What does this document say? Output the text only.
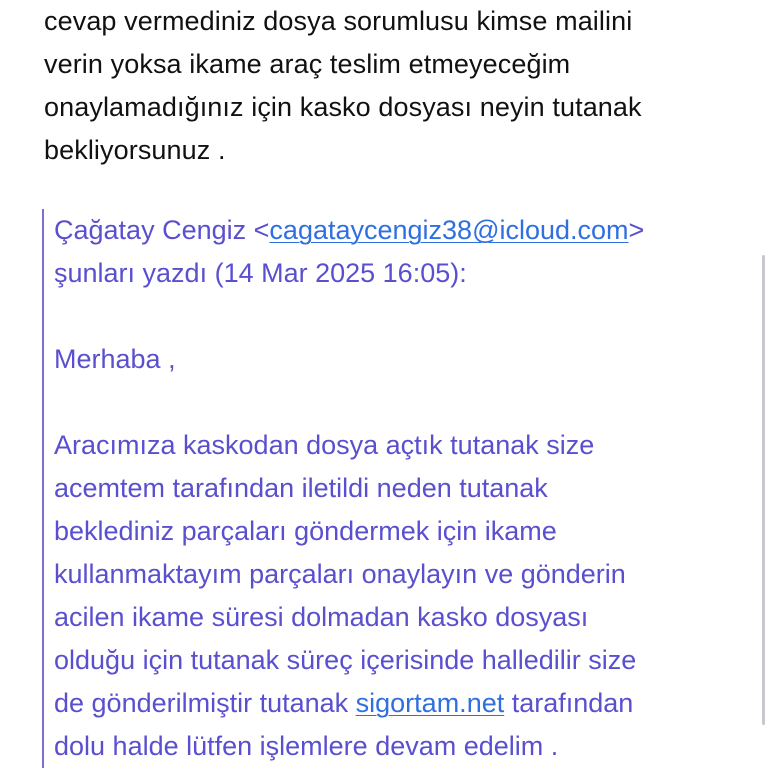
cevap vermediniz dosya sorumlusu kimse mailini
verin yoksa ikame araç teslim etmeyeceğim
onaylamadığınız için kasko dosyası neyin tutanak
bekliyorsunuz .
Çağatay Cengiz <cagataycengiz38@icloud.com>
şunları yazdı (14 Mar 2025 16:05):
Merhaba ,
Aracımıza kaskodan dosya açtık tutanak size
acemtem tarafından iletildi neden tutanak
beklediniz parçaları göndermek için ikame
kullanmaktayım parçaları onaylayın ve gönderin
acilen ikame süresi dolmadan kasko dosyası
olduğu için tutanak süreç içerisinde halledilir size
de gönderilmiştir tutanak sigortam.net tarafından
dolu halde lütfen işlemlere devam edelim .
